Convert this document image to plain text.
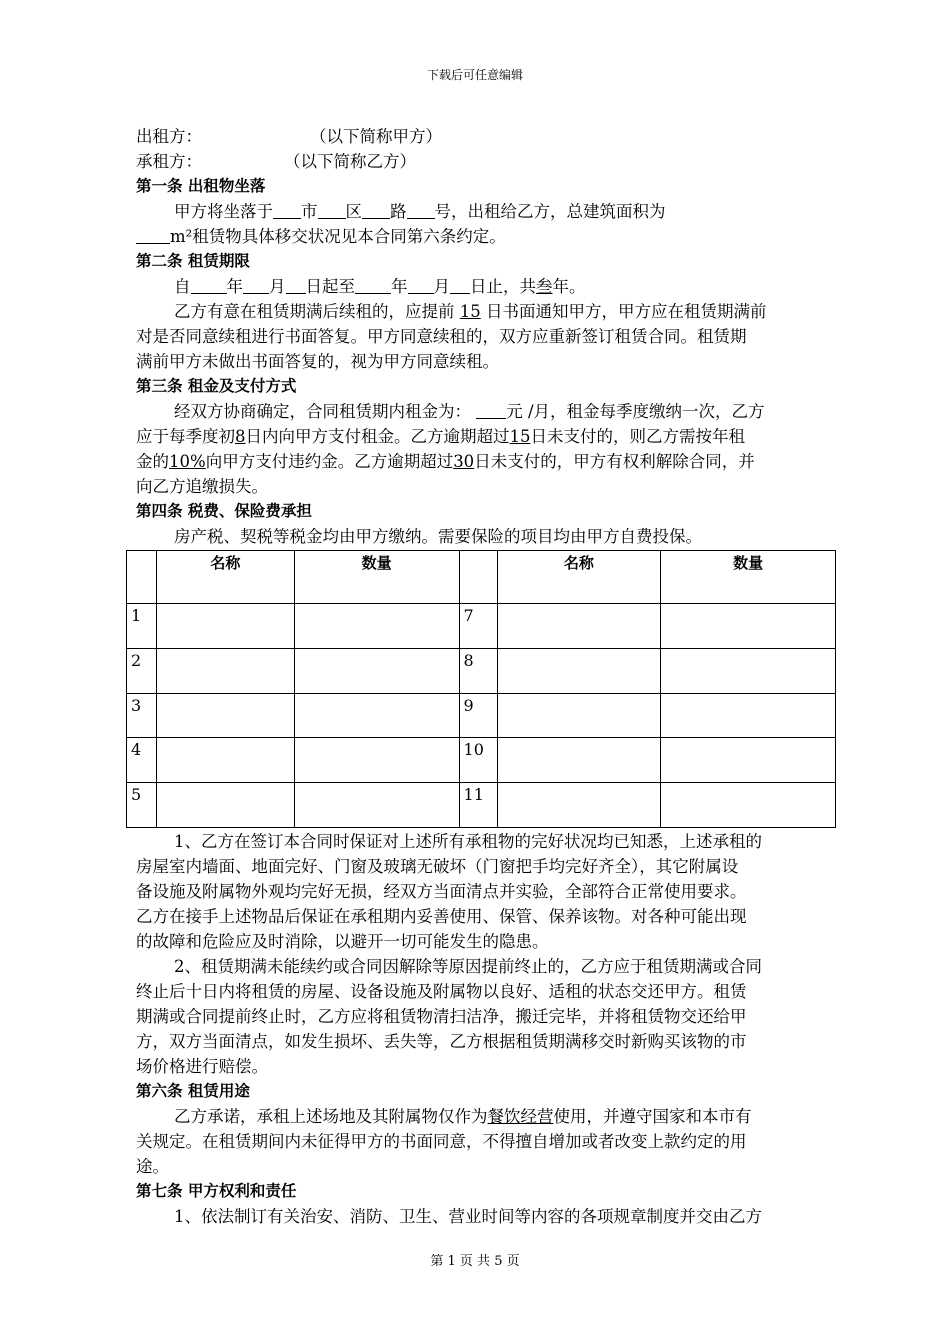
下载后可任意编辑
出租方：	（以下简称甲方）
承租方：	（以下简称乙方）
第一条 出租物坐落
甲方将坐落于 市 区 路 号，出租给乙方，总建筑面积为
m²租赁物具体移交状况见本合同第六条约定。
第二条 租赁期限
自 年 月 日起至 年 月 日止，共叁年。
乙方有意在租赁期满后续租的，应提前 15 日书面通知甲方，甲方应在租赁期满前
对是否同意续租进行书面答复。甲方同意续租的，双方应重新签订租赁合同。租赁期
满前甲方未做出书面答复的，视为甲方同意续租。
第三条 租金及支付方式
经双方协商确定，合同租赁期内租金为： 元 /月，租金每季度缴纳一次，乙方
应于每季度初8日内向甲方支付租金。乙方逾期超过15日未支付的，则乙方需按年租
金的10%向甲方支付违约金。乙方逾期超过30日未支付的，甲方有权利解除合同，并
向乙方追缴损失。
第四条 税费、保险费承担
房产税、契税等税金均由甲方缴纳。需要保险的项目均由甲方自费投保。
	名称	数量		名称	数量
1			7		
2			8		
3			9		
4			10		
5			11		
1、乙方在签订本合同时保证对上述所有承租物的完好状况均已知悉，上述承租的
房屋室内墙面、地面完好、门窗及玻璃无破坏（门窗把手均完好齐全），其它附属设
备设施及附属物外观均完好无损，经双方当面清点并实验，全部符合正常使用要求。
乙方在接手上述物品后保证在承租期内妥善使用、保管、保养该物。对各种可能出现
的故障和危险应及时消除，以避开一切可能发生的隐患。
2、租赁期满未能续约或合同因解除等原因提前终止的，乙方应于租赁期满或合同
终止后十日内将租赁的房屋、设备设施及附属物以良好、适租的状态交还甲方。租赁
期满或合同提前终止时，乙方应将租赁物清扫洁净，搬迁完毕，并将租赁物交还给甲
方，双方当面清点，如发生损坏、丢失等，乙方根据租赁期满移交时新购买该物的市
场价格进行赔偿。
第六条 租赁用途
乙方承诺，承租上述场地及其附属物仅作为餐饮经营使用，并遵守国家和本市有
关规定。在租赁期间内未征得甲方的书面同意，不得擅自增加或者改变上款约定的用
途。
第七条 甲方权利和责任
1、依法制订有关治安、消防、卫生、营业时间等内容的各项规章制度并交由乙方
第 1 页 共 5 页
